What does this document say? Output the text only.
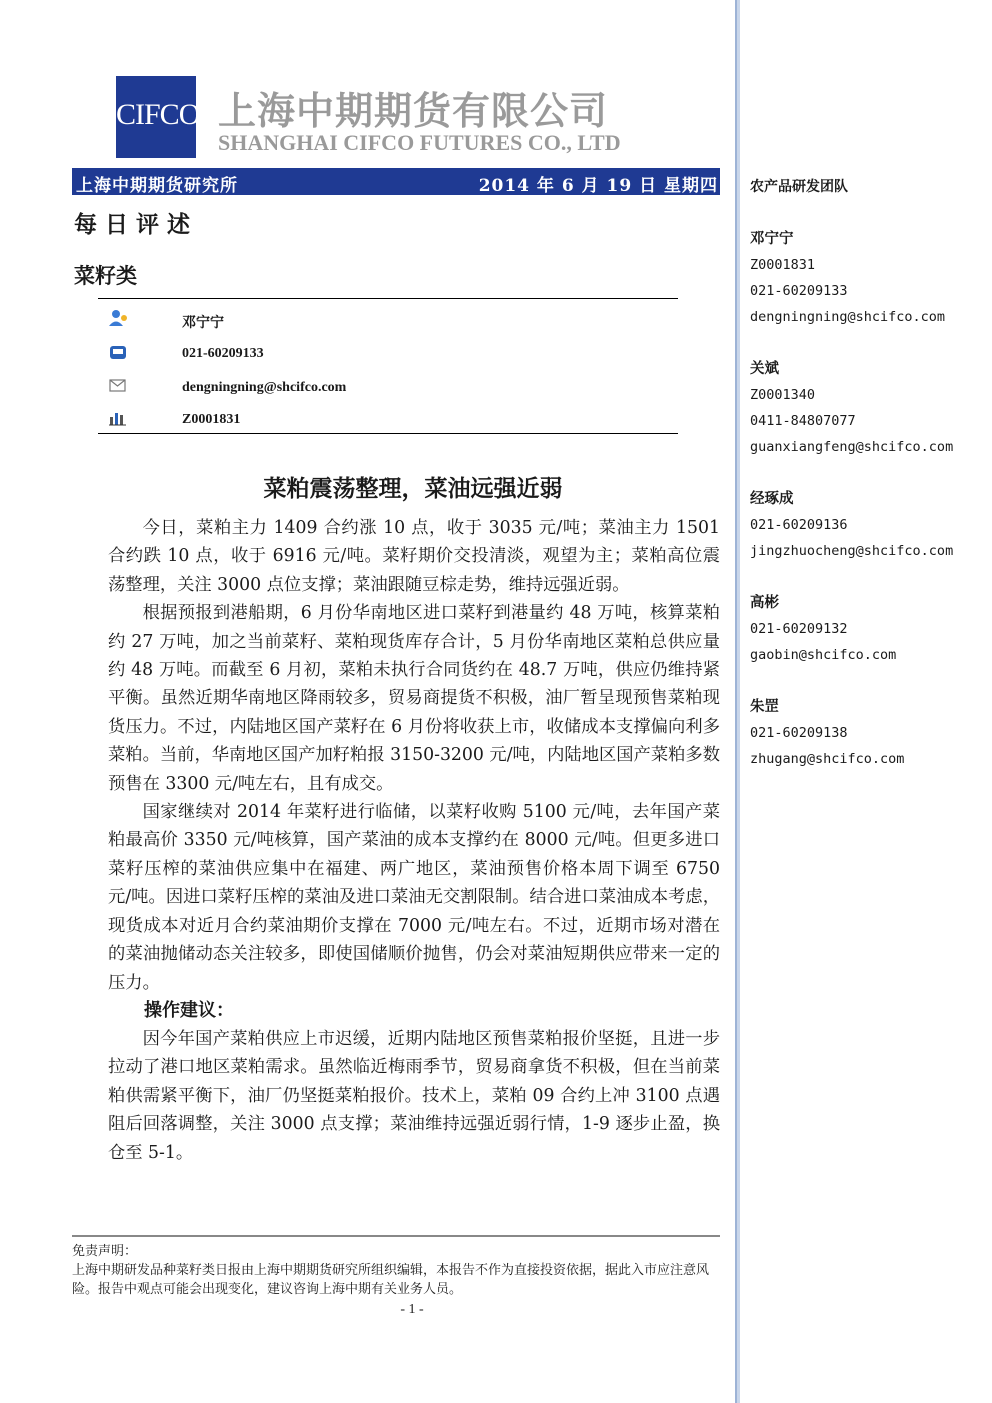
CIFCO 上海中期期货有限公司
SHANGHAI CIFCO FUTURES CO., LTD
上海中期期货研究所	2014 年 6 月 19 日 星期四
每日评述
菜籽类
邓宁宁
021-60209133
dengningning@shcifco.com
Z0001831
菜粕震荡整理，菜油远强近弱

今日，菜粕主力 1409 合约涨 10 点，收于 3035 元/吨；菜油主力 1501 合约跌 10 点，收于 6916 元/吨。菜籽期价交投清淡，观望为主；菜粕高位震荡整理，关注 3000 点位支撑；菜油跟随豆棕走势，维持远强近弱。

根据预报到港船期，6 月份华南地区进口菜籽到港量约 48 万吨，核算菜粕约 27 万吨，加之当前菜籽、菜粕现货库存合计，5 月份华南地区菜粕总供应量约 48 万吨。而截至 6 月初，菜粕未执行合同货约在 48.7 万吨，供应仍维持紧平衡。虽然近期华南地区降雨较多，贸易商提货不积极，油厂暂呈现预售菜粕现货压力。不过，内陆地区国产菜籽在 6 月份将收获上市，收储成本支撑偏向利多菜粕。当前，华南地区国产加籽粕报 3150-3200 元/吨，内陆地区国产菜粕多数预售在 3300 元/吨左右，且有成交。

国家继续对 2014 年菜籽进行临储，以菜籽收购 5100 元/吨，去年国产菜粕最高价 3350 元/吨核算，国产菜油的成本支撑约在 8000 元/吨。但更多进口菜籽压榨的菜油供应集中在福建、两广地区，菜油预售价格本周下调至 6750 元/吨。因进口菜籽压榨的菜油及进口菜油无交割限制。结合进口菜油成本考虑，现货成本对近月合约菜油期价支撑在 7000 元/吨左右。不过，近期市场对潜在的菜油抛储动态关注较多，即使国储顺价抛售，仍会对菜油短期供应带来一定的压力。

操作建议：

因今年国产菜粕供应上市迟缓，近期内陆地区预售菜粕报价坚挺，且进一步拉动了港口地区菜粕需求。虽然临近梅雨季节，贸易商拿货不积极，但在当前菜粕供需紧平衡下，油厂仍坚挺菜粕报价。技术上，菜粕 09 合约上冲 3100 点遇阻后回落调整，关注 3000 点支撑；菜油维持远强近弱行情，1-9 逐步止盈，换仓至 5-1。

免责声明：

上海中期研发品种菜籽类日报由上海中期期货研究所组织编辑，本报告不作为直接投资依据，据此入市应注意风险。报告中观点可能会出现变化，建议咨询上海中期有关业务人员。

- 1 -
农产品研发团队
邓宁宁
Z0001831
021-60209133
dengningning@shcifco.com
关斌
Z0001340
0411-84807077
guanxiangfeng@shcifco.com
经琢成
021-60209136
jingzhuocheng@shcifco.com
高彬
021-60209132
gaobin@shcifco.com
朱罡
021-60209138
zhugang@shcifco.com
